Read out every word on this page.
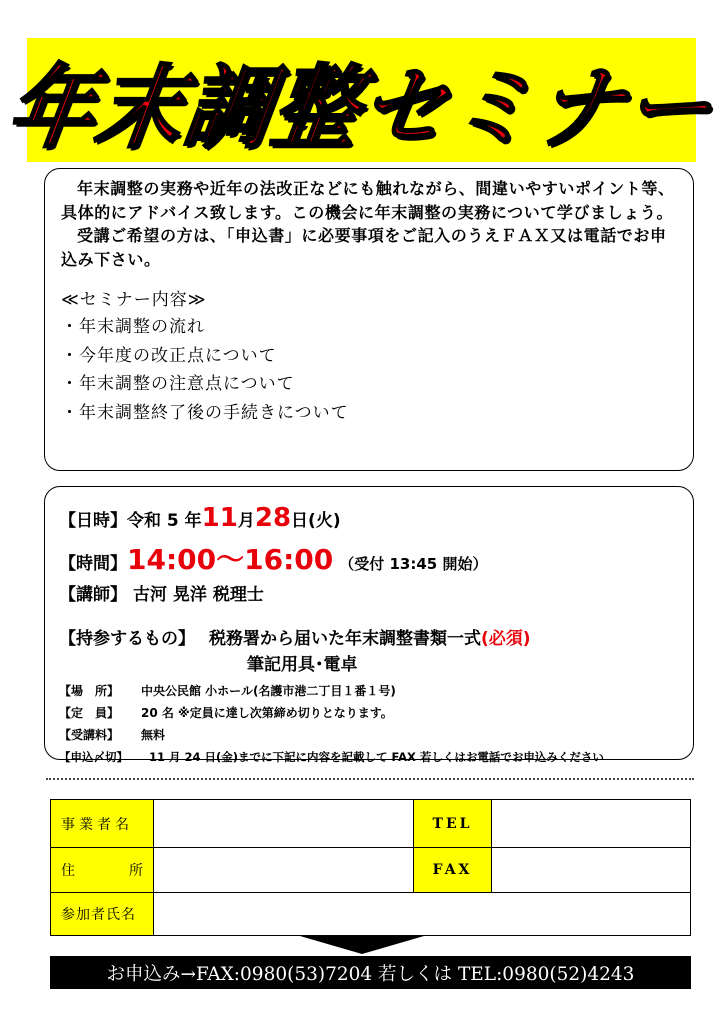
年末調整セミナー

年末調整の実務や近年の法改正などにも触れながら、間違いやすいポイント等、具体的にアドバイス致します。この機会に年末調整の実務について学びましょう。

受講ご希望の方は、「申込書」に必要事項をご記入のうえＦＡＸ又は電話でお申込み下さい。

≪セミナー内容≫
・年末調整の流れ
・今年度の改正点について
・年末調整の注意点について
・年末調整終了後の手続きについて
【日時】 令和 5 年 11 月 28 日(火)
【時間】 14:00～16:00 （受付 13:45 開始）
【講師】 古河 晃洋 税理士
【持参するもの】 税務署から届いた年末調整書類一式 (必須)
筆記用具･電卓
【場　所】 中央公民館 小ホール(名護市港二丁目１番１号)
【定　員】 20 名 ※定員に達し次第締め切りとなります。
【受講料】 無料
【申込〆切】 11 月 24 日(金)までに下記に内容を記載して FAX 若しくはお電話でお申込みください
事業者名		TEL	

住 所		FAX	
参加者氏名			
お申込み→FAX:0980(53)7204 若しくは TEL:0980(52)4243
